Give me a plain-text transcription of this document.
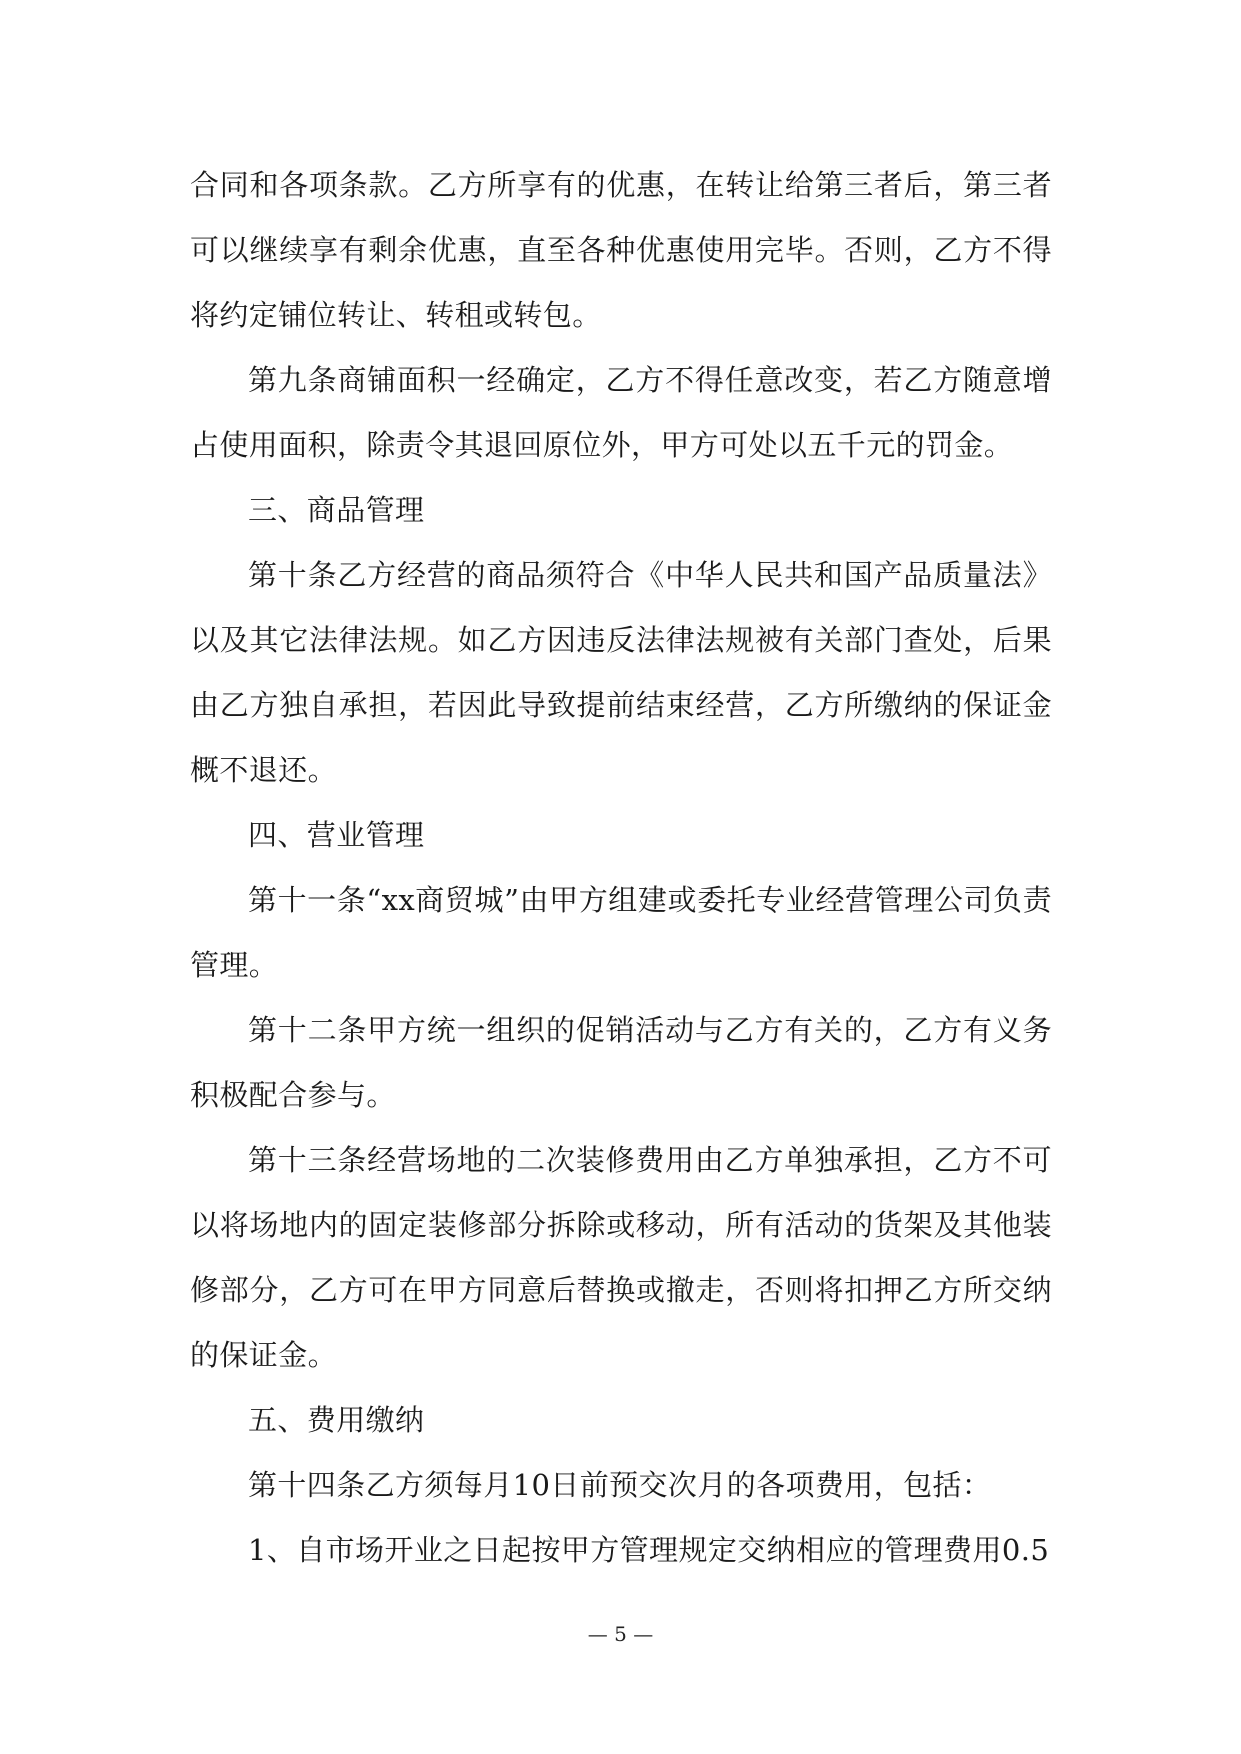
合同和各项条款。乙方所享有的优惠，在转让给第三者后，第三者可以继续享有剩余优惠，直至各种优惠使用完毕。否则，乙方不得将约定铺位转让、转租或转包。

第九条商铺面积一经确定，乙方不得任意改变，若乙方随意增占使用面积，除责令其退回原位外，甲方可处以五千元的罚金。

三、商品管理

第十条乙方经营的商品须符合《中华人民共和国产品质量法》以及其它法律法规。如乙方因违反法律法规被有关部门查处，后果由乙方独自承担，若因此导致提前结束经营，乙方所缴纳的保证金概不退还。

四、营业管理

第十一条“xx商贸城”由甲方组建或委托专业经营管理公司负责管理。

第十二条甲方统一组织的促销活动与乙方有关的，乙方有义务积极配合参与。

第十三条经营场地的二次装修费用由乙方单独承担，乙方不可以将场地内的固定装修部分拆除或移动，所有活动的货架及其他装修部分，乙方可在甲方同意后替换或撤走，否则将扣押乙方所交纳的保证金。

五、费用缴纳

第十四条乙方须每月10日前预交次月的各项费用，包括：

1、自市场开业之日起按甲方管理规定交纳相应的管理费用0.5

— 5 —
